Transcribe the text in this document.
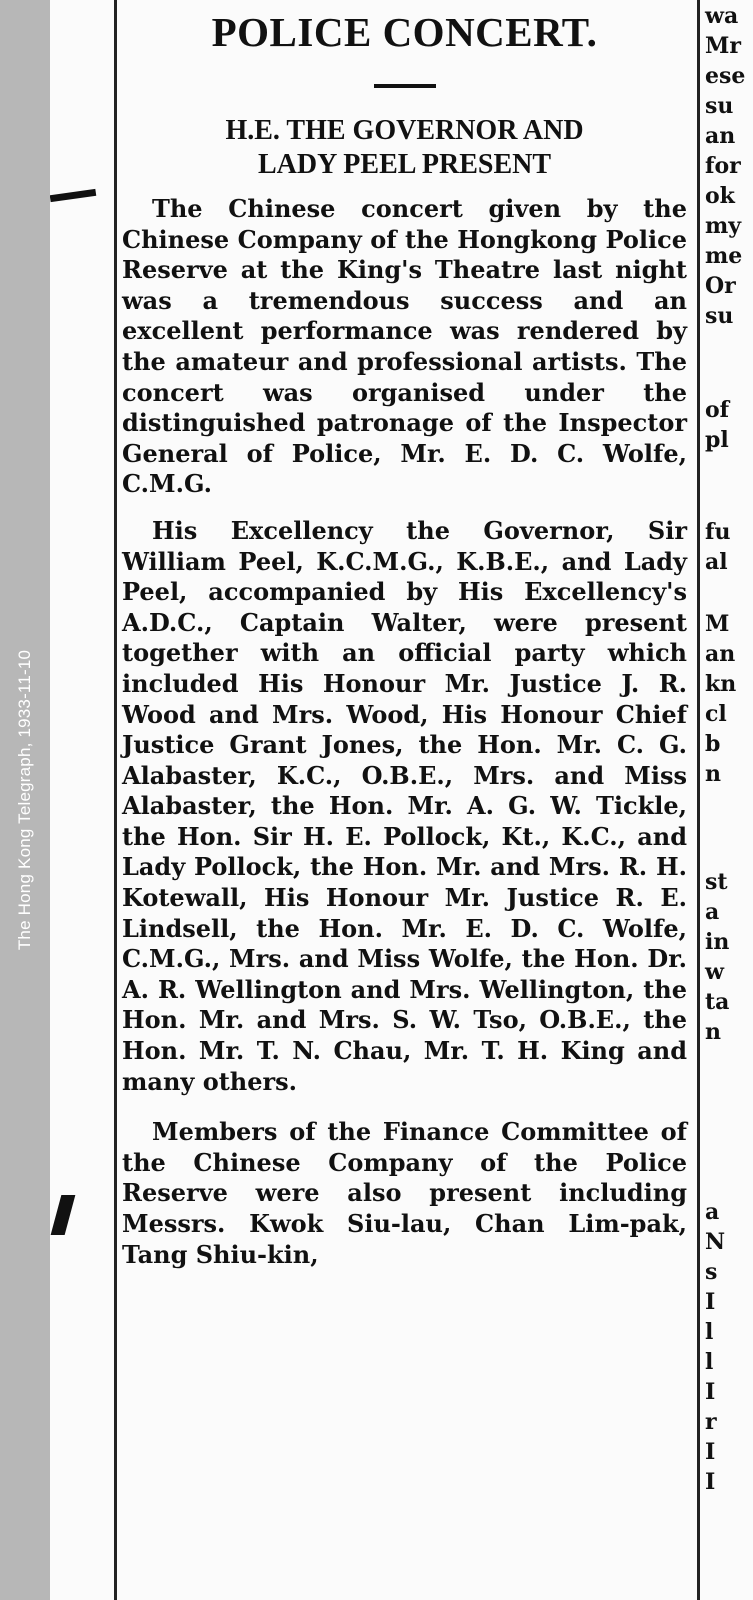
The Hong Kong Telegraph, 1933-11-10
POLICE CONCERT.
H.E. THE GOVERNOR AND
LADY PEEL PRESENT

The Chinese concert given by the Chinese Company of the Hongkong Police Reserve at the King's Theatre last night was a tremendous success and an excellent performance was rendered by the amateur and professional artists. The concert was organised under the distinguished patronage of the Inspector General of Police, Mr. E. D. C. Wolfe, C.M.G.

His Excellency the Governor, Sir William Peel, K.C.M.G., K.B.E., and Lady Peel, accompanied by His Excellency's A.D.C., Captain Walter, were present together with an official party which included His Honour Mr. Justice J. R. Wood and Mrs. Wood, His Honour Chief Justice Grant Jones, the Hon. Mr. C. G. Alabaster, K.C., O.B.E., Mrs. and Miss Alabaster, the Hon. Mr. A. G. W. Tickle, the Hon. Sir H. E. Pollock, Kt., K.C., and Lady Pollock, the Hon. Mr. and Mrs. R. H. Kotewall, His Honour Mr. Justice R. E. Lindsell, the Hon. Mr. E. D. C. Wolfe, C.M.G., Mrs. and Miss Wolfe, the Hon. Dr. A. R. Wellington and Mrs. Wellington, the Hon. Mr. and Mrs. S. W. Tso, O.B.E., the Hon. Mr. T. N. Chau, Mr. T. H. King and many others.

Members of the Finance Committee of the Chinese Company of the Police Reserve were also present including Messrs. Kwok Siu-lau, Chan Lim-pak, Tang Shiu-kin,

wa
Mr
ese
su
an
for
ok
my
me
Or
su
of
pl
fu
al
M
an
kn
cl
b
n
st
a
in
w
ta
n
a
N
s
I
l
l
I
r
I
I
